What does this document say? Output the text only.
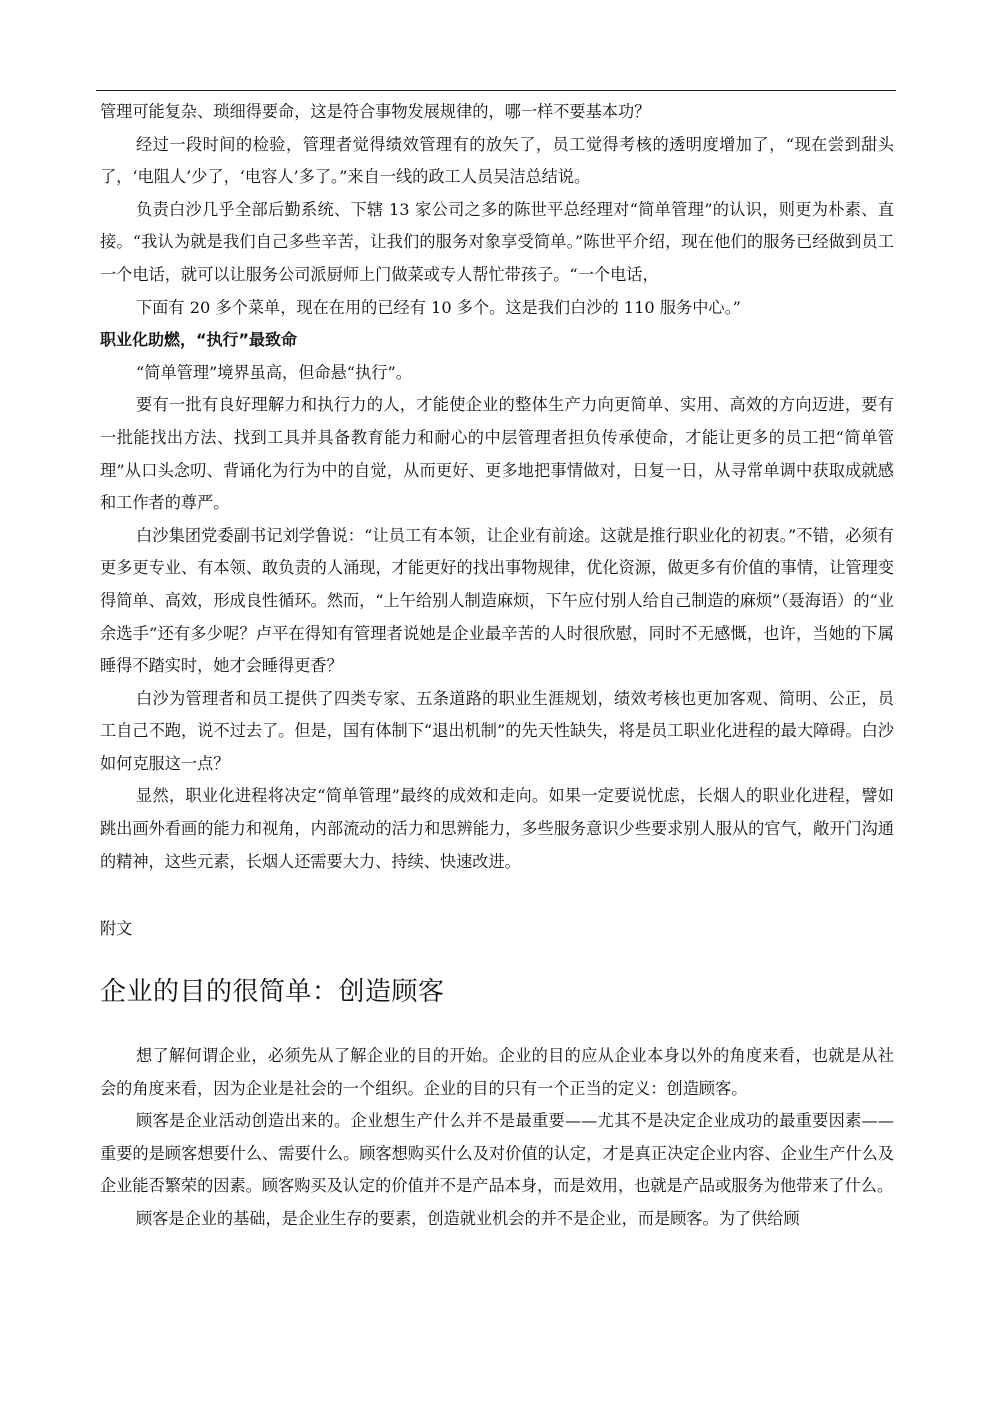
管理可能复杂、琐细得要命，这是符合事物发展规律的，哪一样不要基本功？

经过一段时间的检验，管理者觉得绩效管理有的放矢了，员工觉得考核的透明度增加了，“现在尝到甜头了，‘电阻人’少了，‘电容人’多了。”来自一线的政工人员吴洁总结说。

负责白沙几乎全部后勤系统、下辖 13 家公司之多的陈世平总经理对“简单管理”的认识，则更为朴素、直接。“我认为就是我们自己多些辛苦，让我们的服务对象享受简单。”陈世平介绍，现在他们的服务已经做到员工一个电话，就可以让服务公司派厨师上门做菜或专人帮忙带孩子。“一个电话，

下面有 20 多个菜单，现在在用的已经有 10 多个。这是我们白沙的 110 服务中心。”

职业化助燃，“执行”最致命

“简单管理”境界虽高，但命悬“执行”。

要有一批有良好理解力和执行力的人，才能使企业的整体生产力向更简单、实用、高效的方向迈进，要有一批能找出方法、找到工具并具备教育能力和耐心的中层管理者担负传承使命，才能让更多的员工把“简单管理”从口头念叨、背诵化为行为中的自觉，从而更好、更多地把事情做对，日复一日，从寻常单调中获取成就感和工作者的尊严。

白沙集团党委副书记刘学鲁说：“让员工有本领，让企业有前途。这就是推行职业化的初衷。”不错，必须有更多更专业、有本领、敢负责的人涌现，才能更好的找出事物规律，优化资源，做更多有价值的事情，让管理变得简单、高效，形成良性循环。然而，“上午给别人制造麻烦，下午应付别人给自己制造的麻烦”（聂海语）的“业余选手”还有多少呢？卢平在得知有管理者说她是企业最辛苦的人时很欣慰，同时不无感慨，也许，当她的下属睡得不踏实时，她才会睡得更香？

白沙为管理者和员工提供了四类专家、五条道路的职业生涯规划，绩效考核也更加客观、简明、公正，员工自己不跑，说不过去了。但是，国有体制下“退出机制”的先天性缺失，将是员工职业化进程的最大障碍。白沙如何克服这一点？

显然，职业化进程将决定“简单管理”最终的成效和走向。如果一定要说忧虑，长烟人的职业化进程，譬如跳出画外看画的能力和视角，内部流动的活力和思辨能力，多些服务意识少些要求别人服从的官气，敞开门沟通的精神，这些元素，长烟人还需要大力、持续、快速改进。

附文

企业的目的很简单：创造顾客

想了解何谓企业，必须先从了解企业的目的开始。企业的目的应从企业本身以外的角度来看，也就是从社会的角度来看，因为企业是社会的一个组织。企业的目的只有一个正当的定义：创造顾客。

顾客是企业活动创造出来的。企业想生产什么并不是最重要——尤其不是决定企业成功的最重要因素——重要的是顾客想要什么、需要什么。顾客想购买什么及对价值的认定，才是真正决定企业内容、企业生产什么及企业能否繁荣的因素。顾客购买及认定的价值并不是产品本身，而是效用，也就是产品或服务为他带来了什么。

顾客是企业的基础，是企业生存的要素，创造就业机会的并不是企业，而是顾客。为了供给顾
